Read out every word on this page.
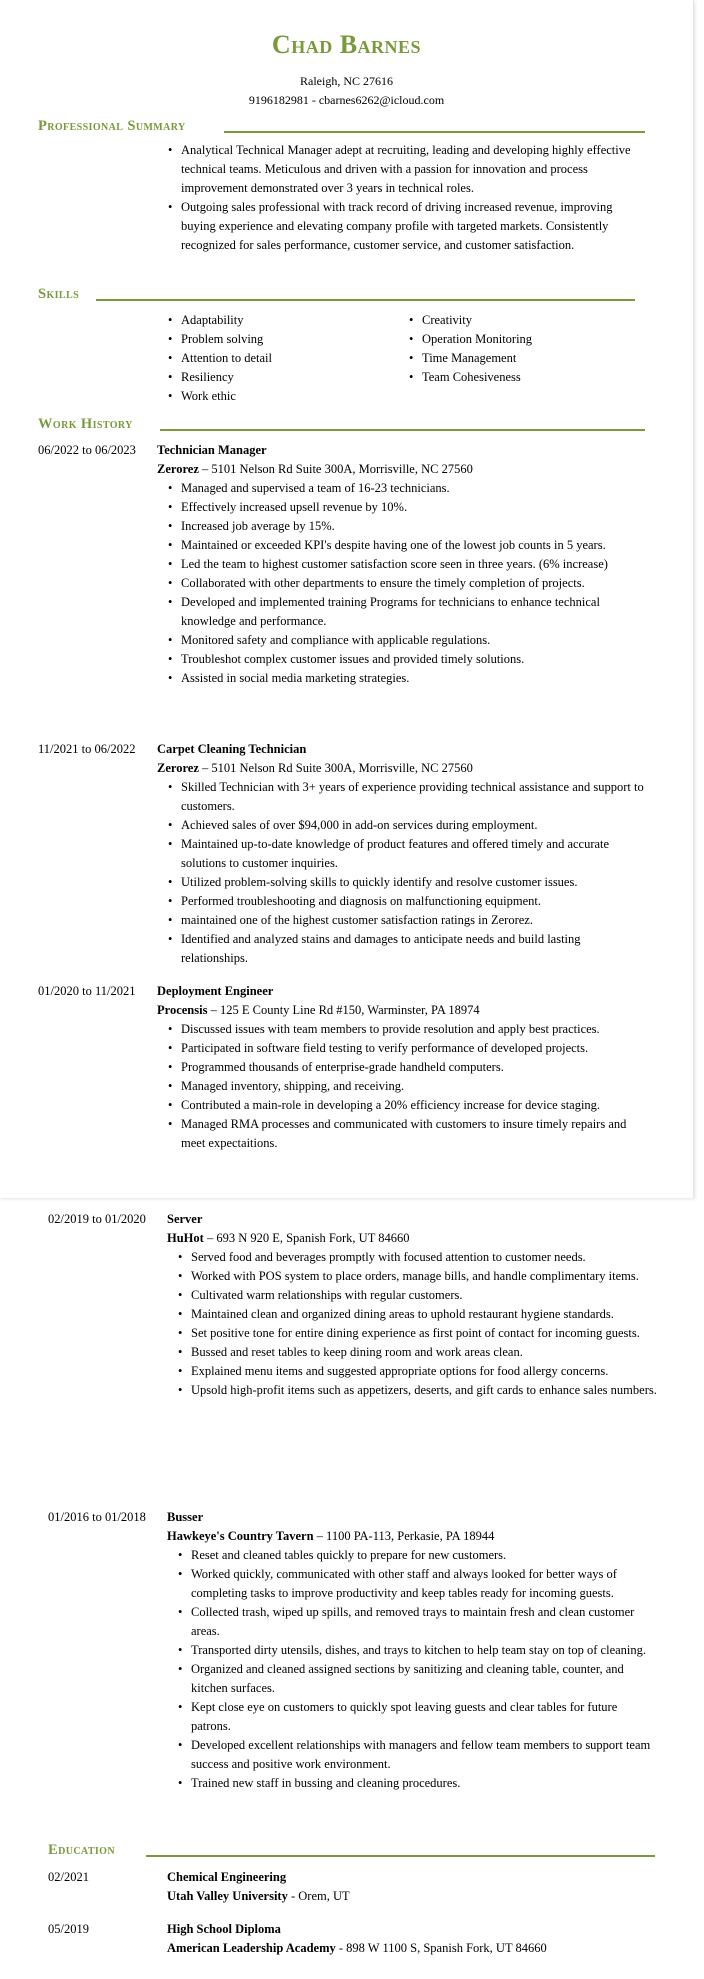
Chad Barnes
Raleigh, NC 27616
9196182981 - cbarnes6262@icloud.com
Professional Summary
• Analytical Technical Manager adept at recruiting, leading and developing highly effective technical teams. Meticulous and driven with a passion for innovation and process improvement demonstrated over 3 years in technical roles.
• Outgoing sales professional with track record of driving increased revenue, improving buying experience and elevating company profile with targeted markets. Consistently recognized for sales performance, customer service, and customer satisfaction.
Skills
• Adaptability
• Problem solving
• Attention to detail
• Resiliency
• Work ethic
• Creativity
• Operation Monitoring
• Time Management
• Team Cohesiveness
Work History
06/2022 to 06/2023 Technician Manager
Zerorez – 5101 Nelson Rd Suite 300A, Morrisville, NC 27560
• Managed and supervised a team of 16-23 technicians.
• Effectively increased upsell revenue by 10%.
• Increased job average by 15%.
• Maintained or exceeded KPI's despite having one of the lowest job counts in 5 years.
• Led the team to highest customer satisfaction score seen in three years. (6% increase)
• Collaborated with other departments to ensure the timely completion of projects.
• Developed and implemented training Programs for technicians to enhance technical knowledge and performance.
• Monitored safety and compliance with applicable regulations.
• Troubleshot complex customer issues and provided timely solutions.
• Assisted in social media marketing strategies.
11/2021 to 06/2022 Carpet Cleaning Technician
Zerorez – 5101 Nelson Rd Suite 300A, Morrisville, NC 27560
• Skilled Technician with 3+ years of experience providing technical assistance and support to customers.
• Achieved sales of over $94,000 in add-on services during employment.
• Maintained up-to-date knowledge of product features and offered timely and accurate solutions to customer inquiries.
• Utilized problem-solving skills to quickly identify and resolve customer issues.
• Performed troubleshooting and diagnosis on malfunctioning equipment.
• maintained one of the highest customer satisfaction ratings in Zerorez.
• Identified and analyzed stains and damages to anticipate needs and build lasting relationships.
01/2020 to 11/2021 Deployment Engineer
Procensis – 125 E County Line Rd #150, Warminster, PA 18974
• Discussed issues with team members to provide resolution and apply best practices.
• Participated in software field testing to verify performance of developed projects.
• Programmed thousands of enterprise-grade handheld computers.
• Managed inventory, shipping, and receiving.
• Contributed a main-role in developing a 20% efficiency increase for device staging.
• Managed RMA processes and communicated with customers to insure timely repairs and meet expectaitions.
02/2019 to 01/2020 Server
HuHot – 693 N 920 E, Spanish Fork, UT 84660
• Served food and beverages promptly with focused attention to customer needs.
• Worked with POS system to place orders, manage bills, and handle complimentary items.
• Cultivated warm relationships with regular customers.
• Maintained clean and organized dining areas to uphold restaurant hygiene standards.
• Set positive tone for entire dining experience as first point of contact for incoming guests.
• Bussed and reset tables to keep dining room and work areas clean.
• Explained menu items and suggested appropriate options for food allergy concerns.
• Upsold high-profit items such as appetizers, deserts, and gift cards to enhance sales numbers.
01/2016 to 01/2018 Busser
Hawkeye's Country Tavern – 1100 PA-113, Perkasie, PA 18944
• Reset and cleaned tables quickly to prepare for new customers.
• Worked quickly, communicated with other staff and always looked for better ways of completing tasks to improve productivity and keep tables ready for incoming guests.
• Collected trash, wiped up spills, and removed trays to maintain fresh and clean customer areas.
• Transported dirty utensils, dishes, and trays to kitchen to help team stay on top of cleaning.
• Organized and cleaned assigned sections by sanitizing and cleaning table, counter, and kitchen surfaces.
• Kept close eye on customers to quickly spot leaving guests and clear tables for future patrons.
• Developed excellent relationships with managers and fellow team members to support team success and positive work environment.
• Trained new staff in bussing and cleaning procedures.
Education
02/2021	Chemical Engineering
Utah Valley University - Orem, UT
05/2019	High School Diploma
American Leadership Academy - 898 W 1100 S, Spanish Fork, UT 84660
